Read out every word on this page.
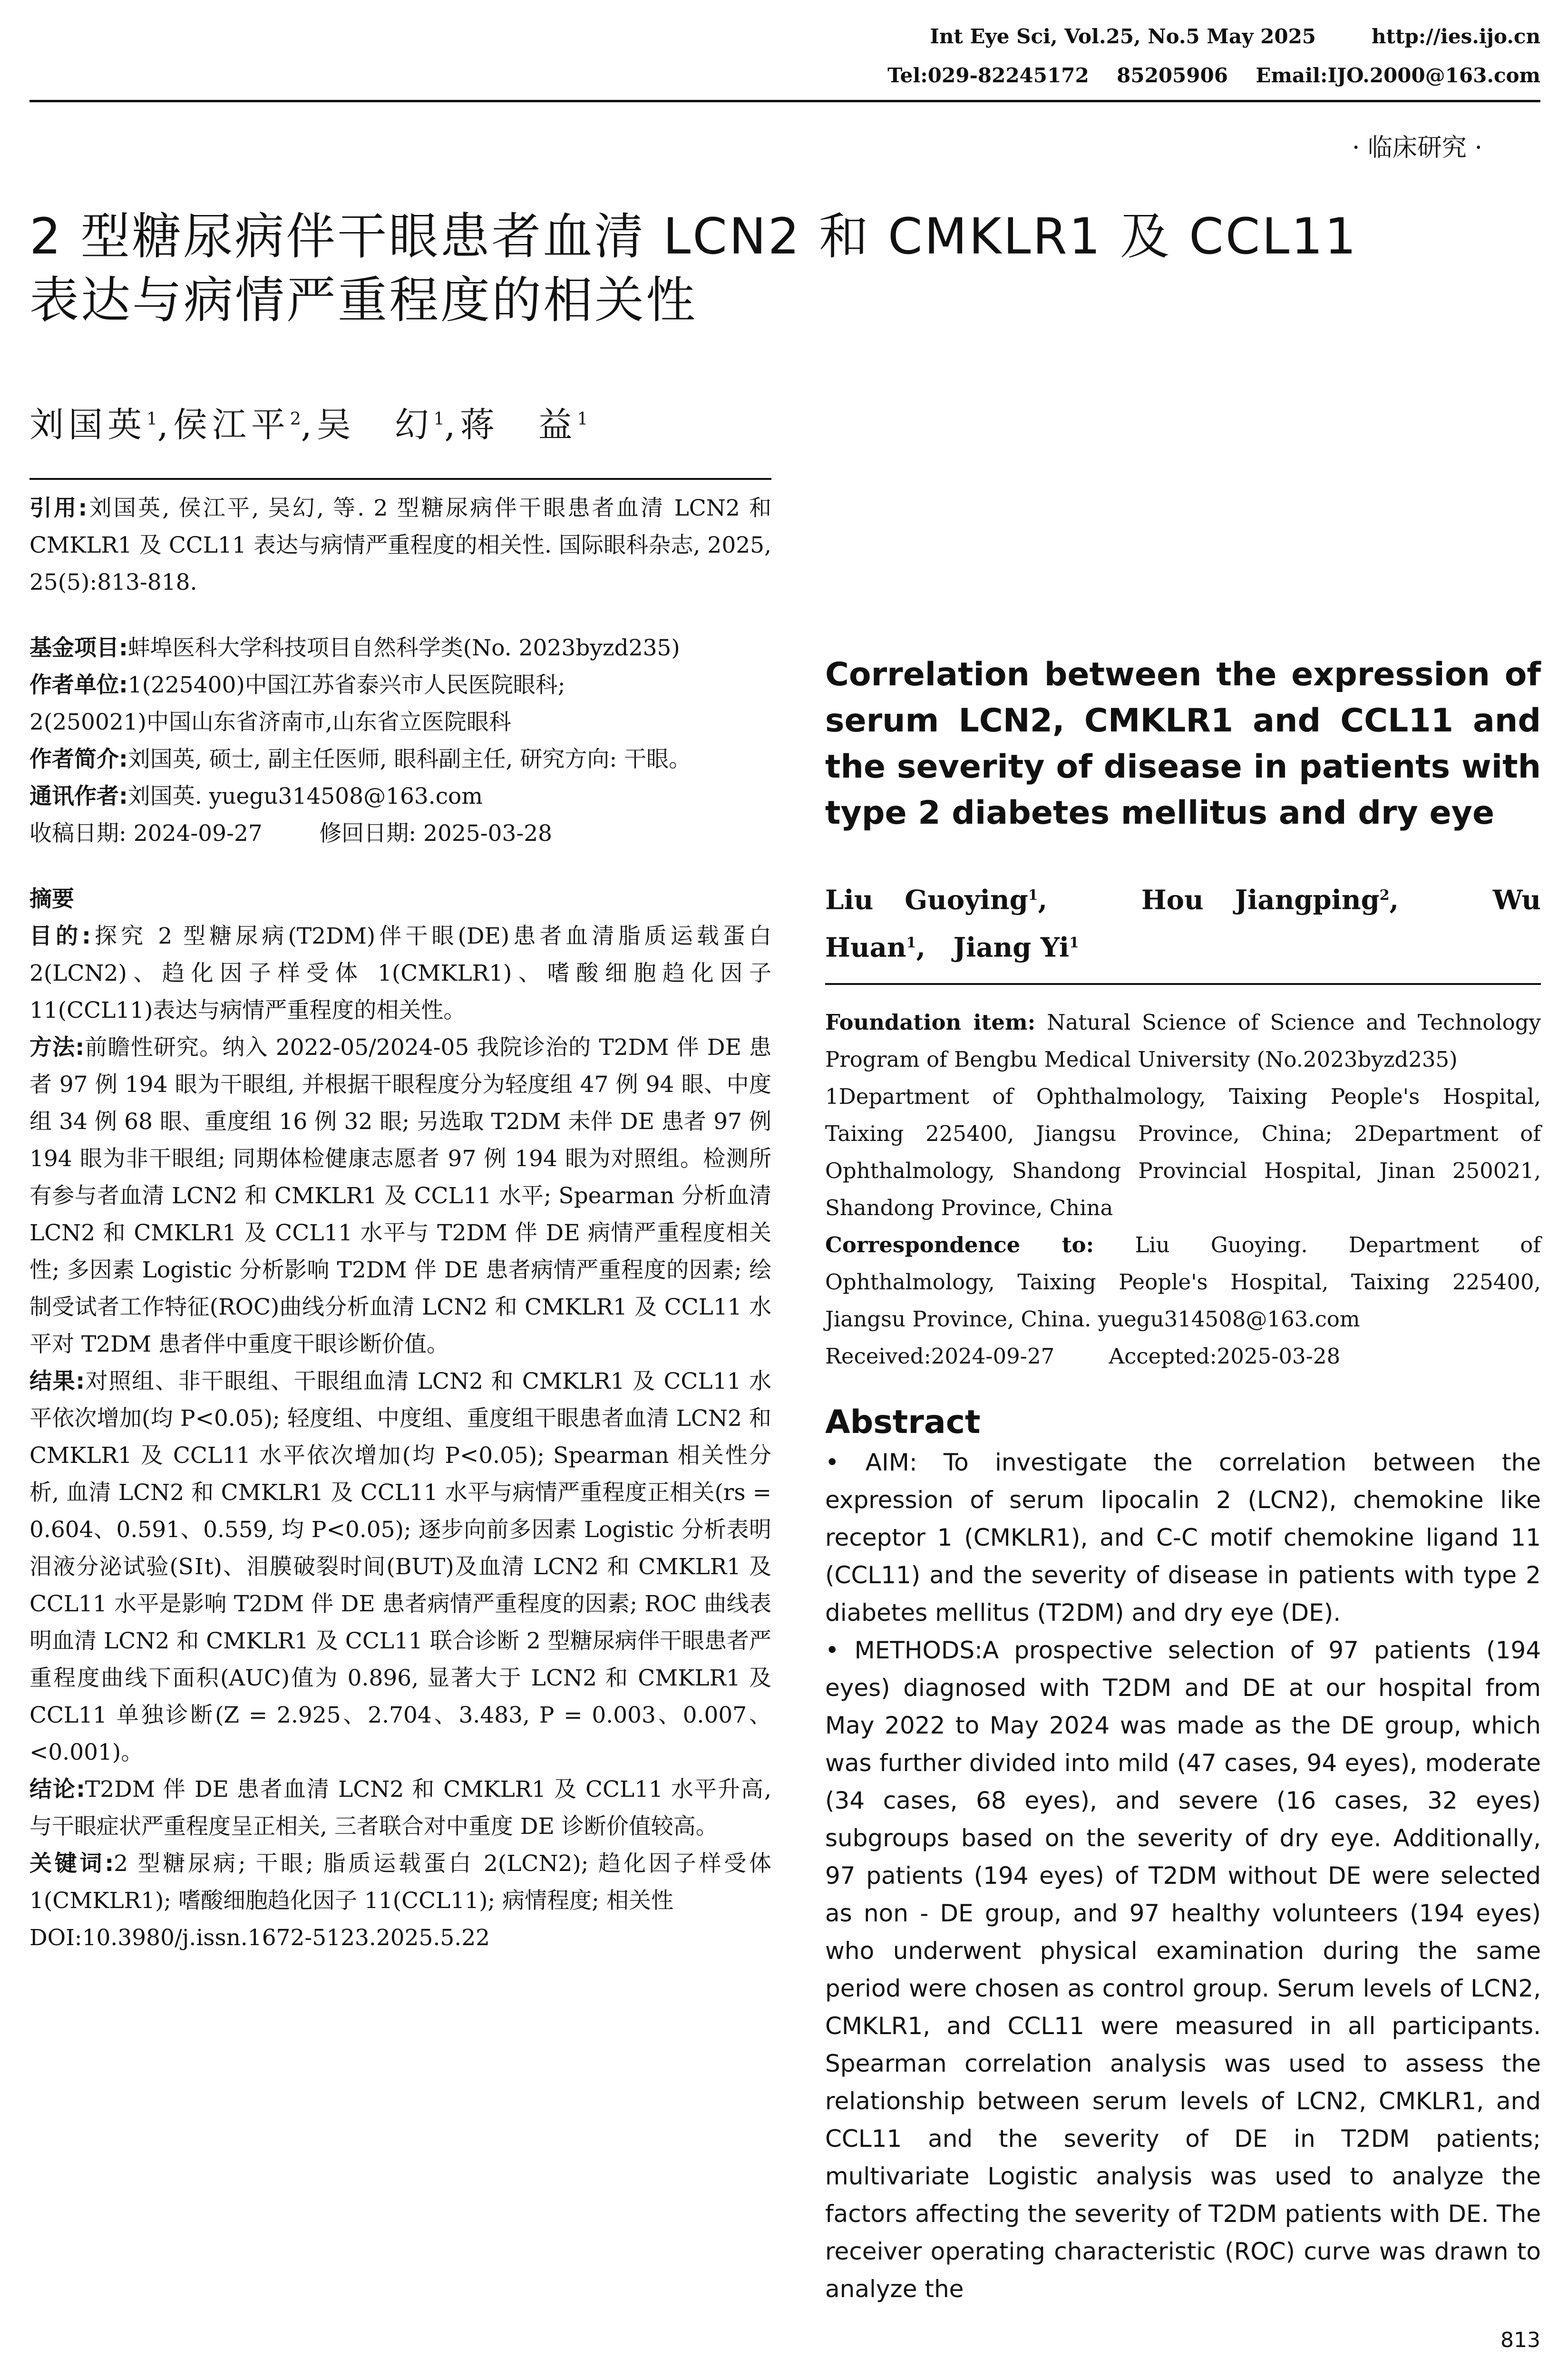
Int Eye Sci, Vol.25, No.5 May 2025        http://ies.ijo.cn
Tel:029-82245172    85205906    Email:IJO.2000@163.com
· 临床研究 ·
2 型糖尿病伴干眼患者血清 LCN2 和 CMKLR1 及 CCL11
表达与病情严重程度的相关性
刘国英$^1$,侯江平$^2$,吴　幻$^1$,蒋　益$^1$

引用:刘国英, 侯江平, 吴幻, 等. 2 型糖尿病伴干眼患者血清 LCN2 和 CMKLR1 及 CCL11 表达与病情严重程度的相关性. 国际眼科杂志, 2025, 25(5):813-818.

基金项目:蚌埠医科大学科技项目自然科学类(No. 2023byzd235)

作者单位:1(225400)中国江苏省泰兴市人民医院眼科;
2(250021)中国山东省济南市,山东省立医院眼科

作者简介:刘国英, 硕士, 副主任医师, 眼科副主任, 研究方向: 干眼。

通讯作者:刘国英. yuegu314508@163.com

收稿日期: 2024-09-27	修回日期: 2025-03-28

摘要

目的:探究 2 型糖尿病(T2DM)伴干眼(DE)患者血清脂质运载蛋白 2(LCN2)、趋化因子样受体 1(CMKLR1)、嗜酸细胞趋化因子 11(CCL11)表达与病情严重程度的相关性。

方法:前瞻性研究。纳入 2022-05/2024-05 我院诊治的 T2DM 伴 DE 患者 97 例 194 眼为干眼组, 并根据干眼程度分为轻度组 47 例 94 眼、中度组 34 例 68 眼、重度组 16 例 32 眼; 另选取 T2DM 未伴 DE 患者 97 例 194 眼为非干眼组; 同期体检健康志愿者 97 例 194 眼为对照组。检测所有参与者血清 LCN2 和 CMKLR1 及 CCL11 水平; Spearman 分析血清 LCN2 和 CMKLR1 及 CCL11 水平与 T2DM 伴 DE 病情严重程度相关性; 多因素 Logistic 分析影响 T2DM 伴 DE 患者病情严重程度的因素; 绘制受试者工作特征(ROC)曲线分析血清 LCN2 和 CMKLR1 及 CCL11 水平对 T2DM 患者伴中重度干眼诊断价值。

结果:对照组、非干眼组、干眼组血清 LCN2 和 CMKLR1 及 CCL11 水平依次增加(均 P<0.05); 轻度组、中度组、重度组干眼患者血清 LCN2 和 CMKLR1 及 CCL11 水平依次增加(均 P<0.05); Spearman 相关性分析, 血清 LCN2 和 CMKLR1 及 CCL11 水平与病情严重程度正相关(rs = 0.604、0.591、0.559, 均 P<0.05); 逐步向前多因素 Logistic 分析表明泪液分泌试验(SⅠt)、泪膜破裂时间(BUT)及血清 LCN2 和 CMKLR1 及 CCL11 水平是影响 T2DM 伴 DE 患者病情严重程度的因素; ROC 曲线表明血清 LCN2 和 CMKLR1 及 CCL11 联合诊断 2 型糖尿病伴干眼患者严重程度曲线下面积(AUC)值为 0.896, 显著大于 LCN2 和 CMKLR1 及 CCL11 单独诊断(Z = 2.925、2.704、3.483, P = 0.003、0.007、<0.001)。

结论:T2DM 伴 DE 患者血清 LCN2 和 CMKLR1 及 CCL11 水平升高, 与干眼症状严重程度呈正相关, 三者联合对中重度 DE 诊断价值较高。

关键词:2 型糖尿病; 干眼; 脂质运载蛋白 2(LCN2); 趋化因子样受体 1(CMKLR1); 嗜酸细胞趋化因子 11(CCL11); 病情程度; 相关性

DOI:10.3980/j.issn.1672-5123.2025.5.22

Correlation between the expression of serum LCN2, CMKLR1 and CCL11 and the severity of disease in patients with type 2 diabetes mellitus and dry eye
Liu Guoying$^1$,   Hou Jiangping$^2$,   Wu Huan$^1$,   Jiang Yi$^1$

Foundation item: Natural Science of Science and Technology Program of Bengbu Medical University (No.2023byzd235)

1Department of Ophthalmology, Taixing People's Hospital, Taixing 225400, Jiangsu Province, China; 2Department of Ophthalmology, Shandong Provincial Hospital, Jinan 250021, Shandong Province, China

Correspondence to: Liu Guoying. Department of Ophthalmology, Taixing People's Hospital, Taixing 225400, Jiangsu Province, China. yuegu314508@163.com

Received:2024-09-27	Accepted:2025-03-28

Abstract

• AIM: To investigate the correlation between the expression of serum lipocalin 2 (LCN2), chemokine like receptor 1 (CMKLR1), and C-C motif chemokine ligand 11 (CCL11) and the severity of disease in patients with type 2 diabetes mellitus (T2DM) and dry eye (DE).

• METHODS:A prospective selection of 97 patients (194 eyes) diagnosed with T2DM and DE at our hospital from May 2022 to May 2024 was made as the DE group, which was further divided into mild (47 cases, 94 eyes), moderate (34 cases, 68 eyes), and severe (16 cases, 32 eyes) subgroups based on the severity of dry eye. Additionally, 97 patients (194 eyes) of T2DM without DE were selected as non - DE group, and 97 healthy volunteers (194 eyes) who underwent physical examination during the same period were chosen as control group. Serum levels of LCN2, CMKLR1, and CCL11 were measured in all participants. Spearman correlation analysis was used to assess the relationship between serum levels of LCN2, CMKLR1, and CCL11 and the severity of DE in T2DM patients; multivariate Logistic analysis was used to analyze the factors affecting the severity of T2DM patients with DE. The receiver operating characteristic (ROC) curve was drawn to analyze the

813
